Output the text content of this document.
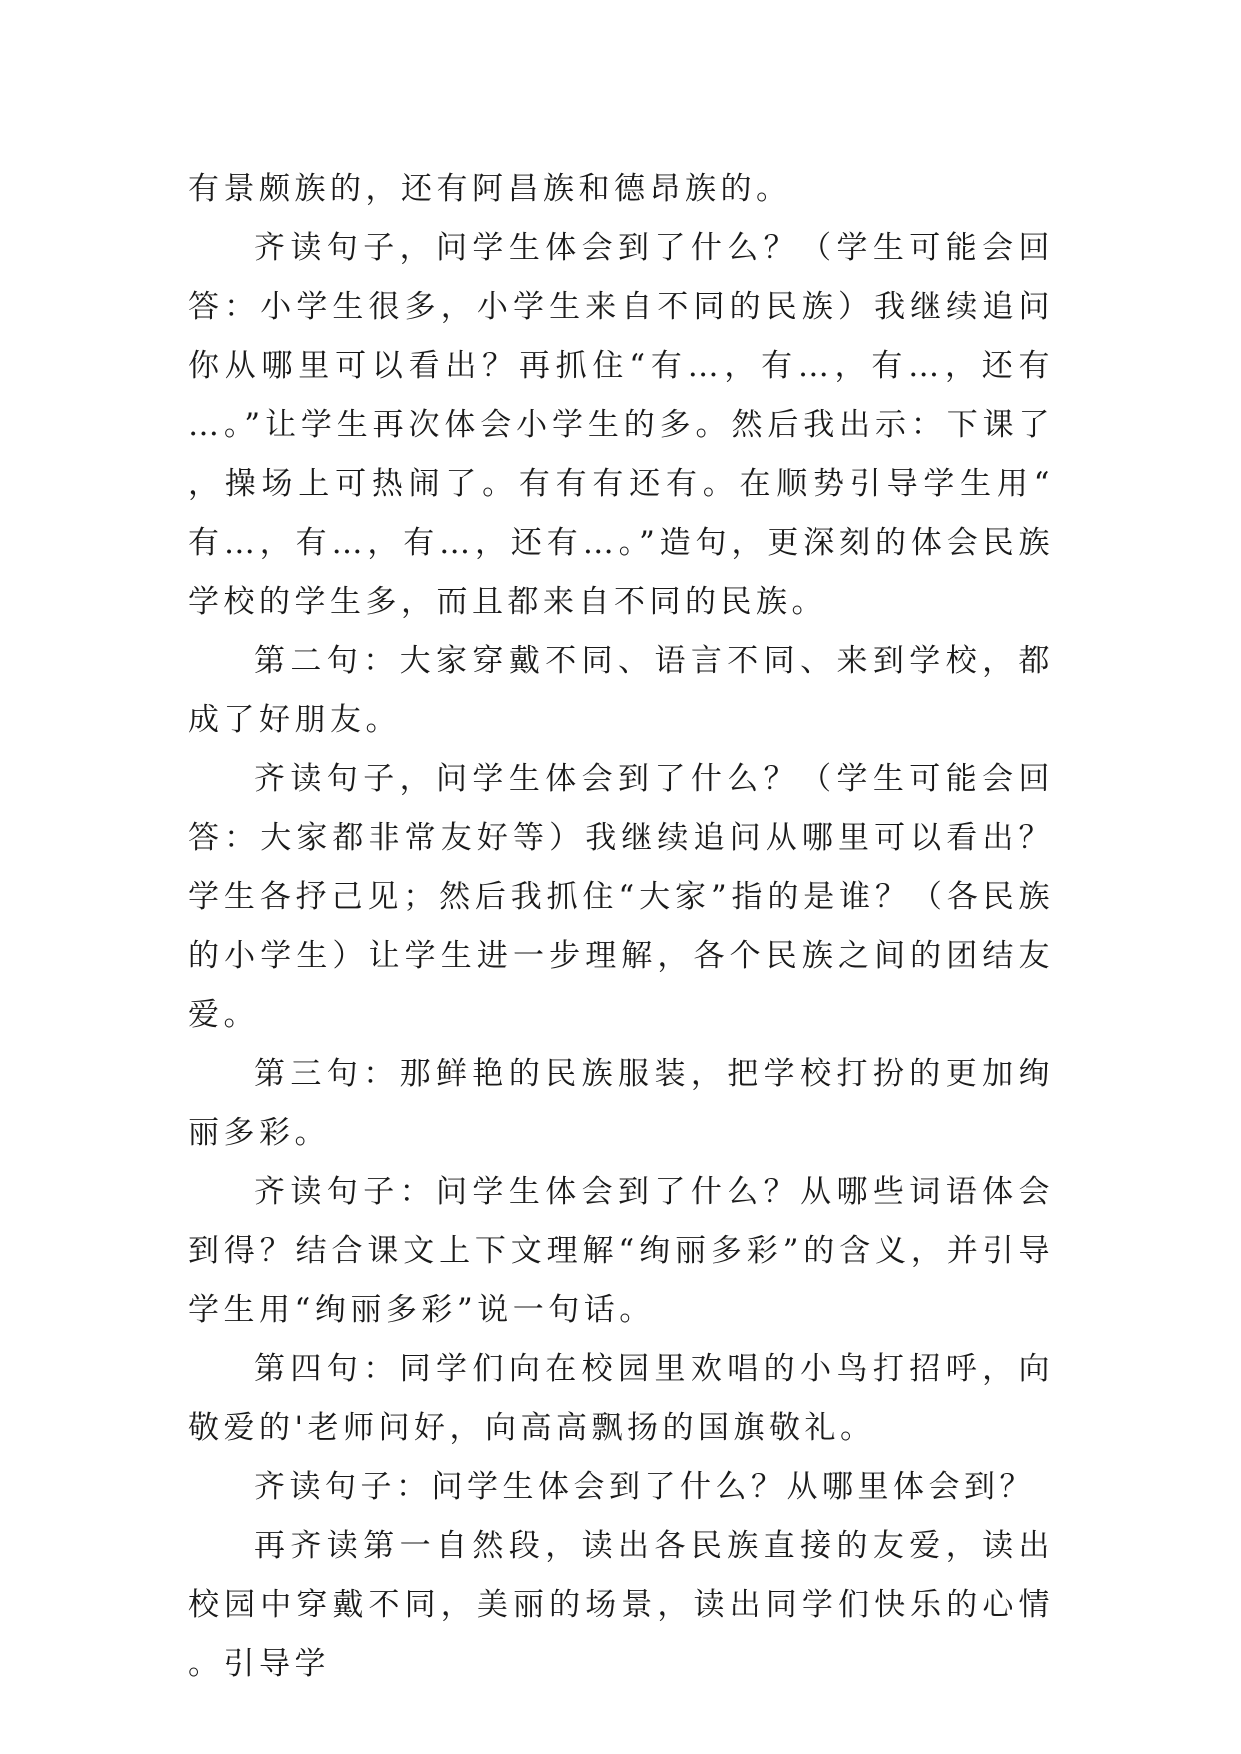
有景颇族的，还有阿昌族和德昂族的。

齐读句子，问学生体会到了什么？（学生可能会回答：小学生很多，小学生来自不同的民族）我继续追问你从哪里可以看出？再抓住“有…，有…，有…，还有…。”让学生再次体会小学生的多。然后我出示：下课了，操场上可热闹了。有有有还有。在顺势引导学生用“有…，有…，有…，还有…。”造句，更深刻的体会民族学校的学生多，而且都来自不同的民族。

第二句：大家穿戴不同、语言不同、来到学校，都成了好朋友。

齐读句子，问学生体会到了什么？（学生可能会回答：大家都非常友好等）我继续追问从哪里可以看出？学生各抒己见；然后我抓住“大家”指的是谁？（各民族的小学生）让学生进一步理解，各个民族之间的团结友爱。

第三句：那鲜艳的民族服装，把学校打扮的更加绚丽多彩。

齐读句子：问学生体会到了什么？从哪些词语体会到得？结合课文上下文理解“绚丽多彩”的含义，并引导学生用“绚丽多彩”说一句话。

第四句：同学们向在校园里欢唱的小鸟打招呼，向敬爱的'老师问好，向高高飘扬的国旗敬礼。

齐读句子：问学生体会到了什么？从哪里体会到？

再齐读第一自然段，读出各民族直接的友爱，读出校园中穿戴不同，美丽的场景，读出同学们快乐的心情。引导学
